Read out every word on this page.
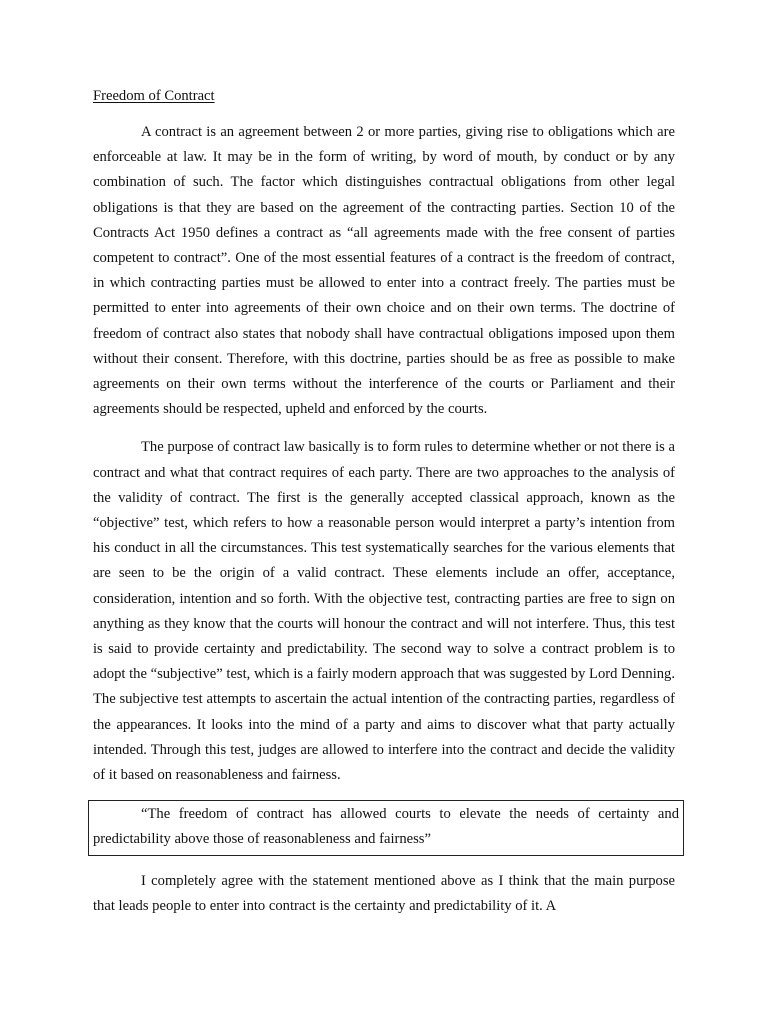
Freedom of Contract

A contract is an agreement between 2 or more parties, giving rise to obligations which are enforceable at law. It may be in the form of writing, by word of mouth, by conduct or by any combination of such. The factor which distinguishes contractual obligations from other legal obligations is that they are based on the agreement of the contracting parties. Section 10 of the Contracts Act 1950 defines a contract as “all agreements made with the free consent of parties competent to contract”. One of the most essential features of a contract is the freedom of contract, in which contracting parties must be allowed to enter into a contract freely. The parties must be permitted to enter into agreements of their own choice and on their own terms. The doctrine of freedom of contract also states that nobody shall have contractual obligations imposed upon them without their consent. Therefore, with this doctrine, parties should be as free as possible to make agreements on their own terms without the interference of the courts or Parliament and their agreements should be respected, upheld and enforced by the courts.

The purpose of contract law basically is to form rules to determine whether or not there is a contract and what that contract requires of each party. There are two approaches to the analysis of the validity of contract. The first is the generally accepted classical approach, known as the “objective” test, which refers to how a reasonable person would interpret a party’s intention from his conduct in all the circumstances. This test systematically searches for the various elements that are seen to be the origin of a valid contract. These elements include an offer, acceptance, consideration, intention and so forth. With the objective test, contracting parties are free to sign on anything as they know that the courts will honour the contract and will not interfere. Thus, this test is said to provide certainty and predictability. The second way to solve a contract problem is to adopt the “subjective” test, which is a fairly modern approach that was suggested by Lord Denning. The subjective test attempts to ascertain the actual intention of the contracting parties, regardless of the appearances. It looks into the mind of a party and aims to discover what that party actually intended. Through this test, judges are allowed to interfere into the contract and decide the validity of it based on reasonableness and fairness.

“The freedom of contract has allowed courts to elevate the needs of certainty and predictability above those of reasonableness and fairness”

I completely agree with the statement mentioned above as I think that the main purpose that leads people to enter into contract is the certainty and predictability of it. A
